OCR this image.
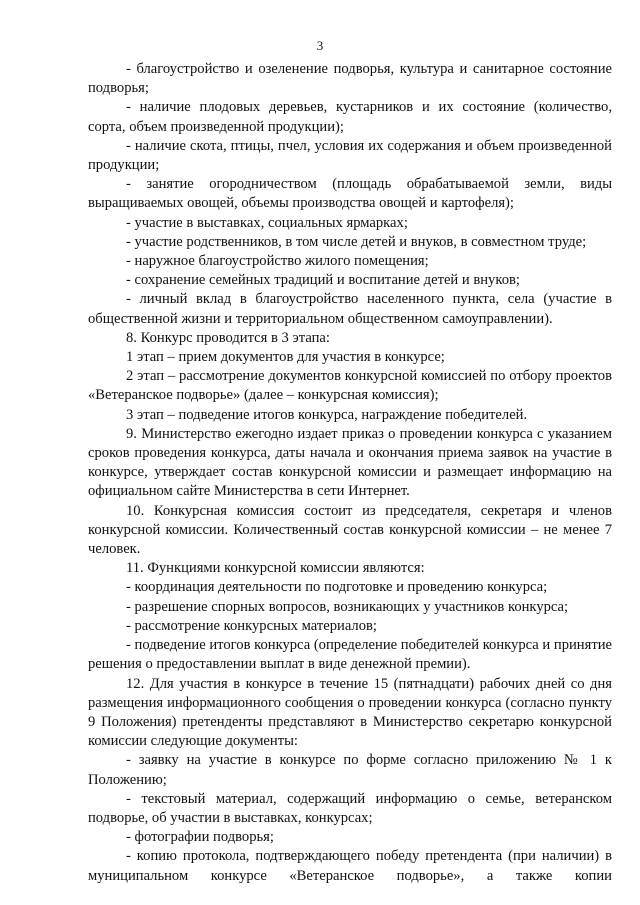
3

- благоустройство и озеленение подворья, культура и санитарное состояние подворья;

- наличие плодовых деревьев, кустарников и их состояние (количество, сорта, объем произведенной продукции);

- наличие скота, птицы, пчел, условия их содержания и объем произведенной продукции;

- занятие огородничеством (площадь обрабатываемой земли, виды выращиваемых овощей, объемы производства овощей и картофеля);

- участие в выставках, социальных ярмарках;

- участие родственников, в том числе детей и внуков, в совместном труде;

- наружное благоустройство жилого помещения;

- сохранение семейных традиций и воспитание детей и внуков;

- личный вклад в благоустройство населенного пункта, села (участие в общественной жизни и территориальном общественном самоуправлении).

8. Конкурс проводится в 3 этапа:

1 этап – прием документов для участия в конкурсе;

2 этап – рассмотрение документов конкурсной комиссией по отбору проектов «Ветеранское подворье» (далее – конкурсная комиссия);

3 этап – подведение итогов конкурса, награждение победителей.

9. Министерство ежегодно издает приказ о проведении конкурса с указанием сроков проведения конкурса, даты начала и окончания приема заявок на участие в конкурсе, утверждает состав конкурсной комиссии и размещает информацию на официальном сайте Министерства в сети Интернет.

10. Конкурсная комиссия состоит из председателя, секретаря и членов конкурсной комиссии. Количественный состав конкурсной комиссии – не менее 7 человек.

11. Функциями конкурсной комиссии являются:

- координация деятельности по подготовке и проведению конкурса;

- разрешение спорных вопросов, возникающих у участников конкурса;

- рассмотрение конкурсных материалов;

- подведение итогов конкурса (определение победителей конкурса и принятие решения о предоставлении выплат в виде денежной премии).

12. Для участия в конкурсе в течение 15 (пятнадцати) рабочих дней со дня размещения информационного сообщения о проведении конкурса (согласно пункту 9 Положения) претенденты представляют в Министерство секретарю конкурсной комиссии следующие документы:

- заявку на участие в конкурсе по форме согласно приложению № 1 к Положению;

- текстовый материал, содержащий информацию о семье, ветеранском подворье, об участии в выставках, конкурсах;

- фотографии подворья;

- копию протокола, подтверждающего победу претендента (при наличии) в муниципальном конкурсе «Ветеранское подворье», а также копии
